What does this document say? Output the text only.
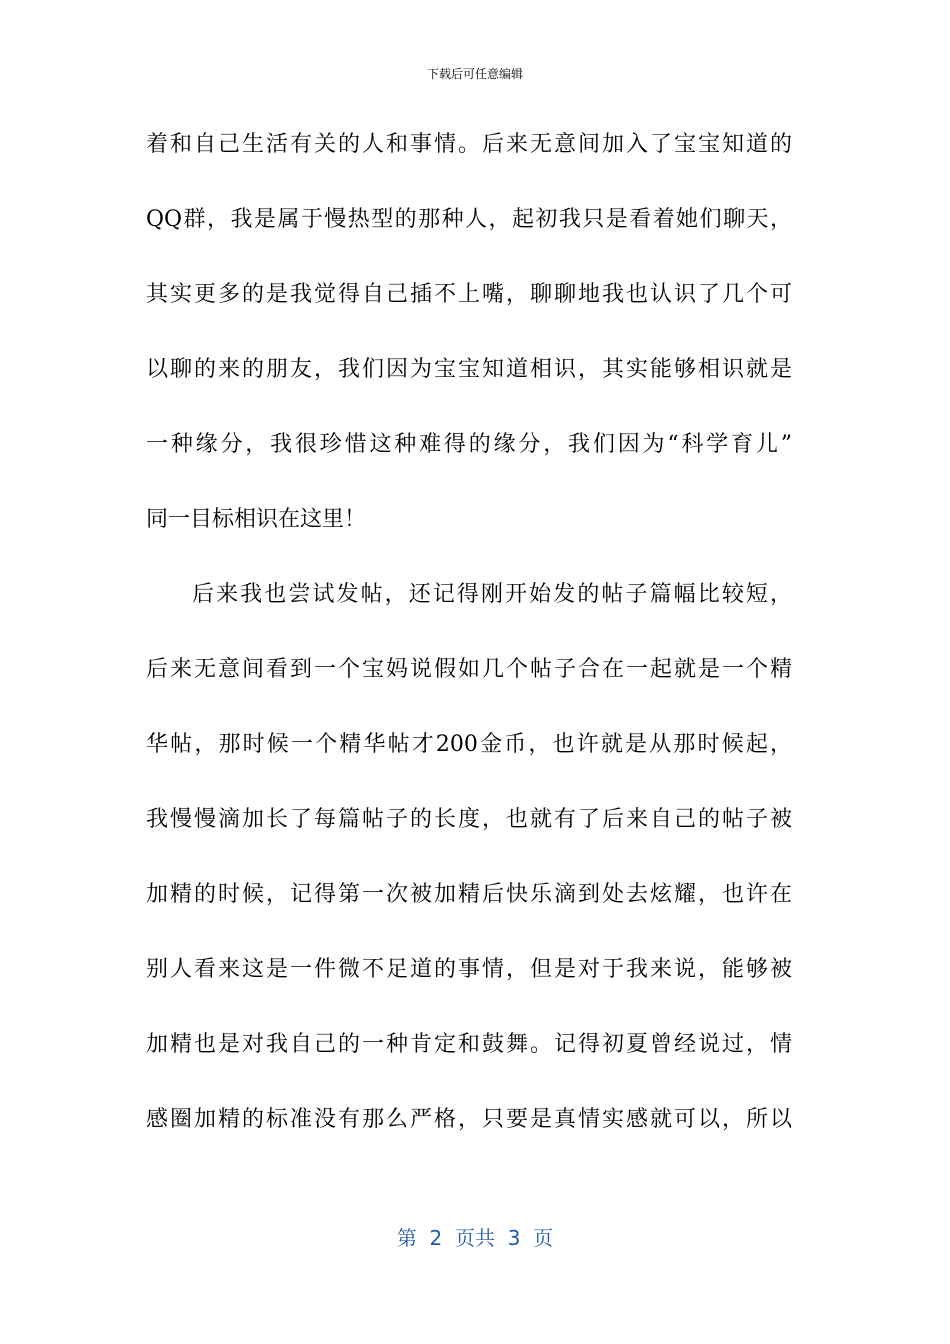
下载后可任意编辑
着和自己生活有关的人和事情。后来无意间加入了宝宝知道的
QQ群，我是属于慢热型的那种人，起初我只是看着她们聊天，
其实更多的是我觉得自己插不上嘴，聊聊地我也认识了几个可
以聊的来的朋友，我们因为宝宝知道相识，其实能够相识就是
一种缘分，我很珍惜这种难得的缘分，我们因为“科学育儿”
同一目标相识在这里！
后来我也尝试发帖，还记得刚开始发的帖子篇幅比较短，
后来无意间看到一个宝妈说假如几个帖子合在一起就是一个精
华帖，那时候一个精华帖才200金币，也许就是从那时候起，
我慢慢滴加长了每篇帖子的长度，也就有了后来自己的帖子被
加精的时候，记得第一次被加精后快乐滴到处去炫耀，也许在
别人看来这是一件微不足道的事情，但是对于我来说，能够被
加精也是对我自己的一种肯定和鼓舞。记得初夏曾经说过，情
感圈加精的标准没有那么严格，只要是真情实感就可以，所以
第  2  页共  3  页
